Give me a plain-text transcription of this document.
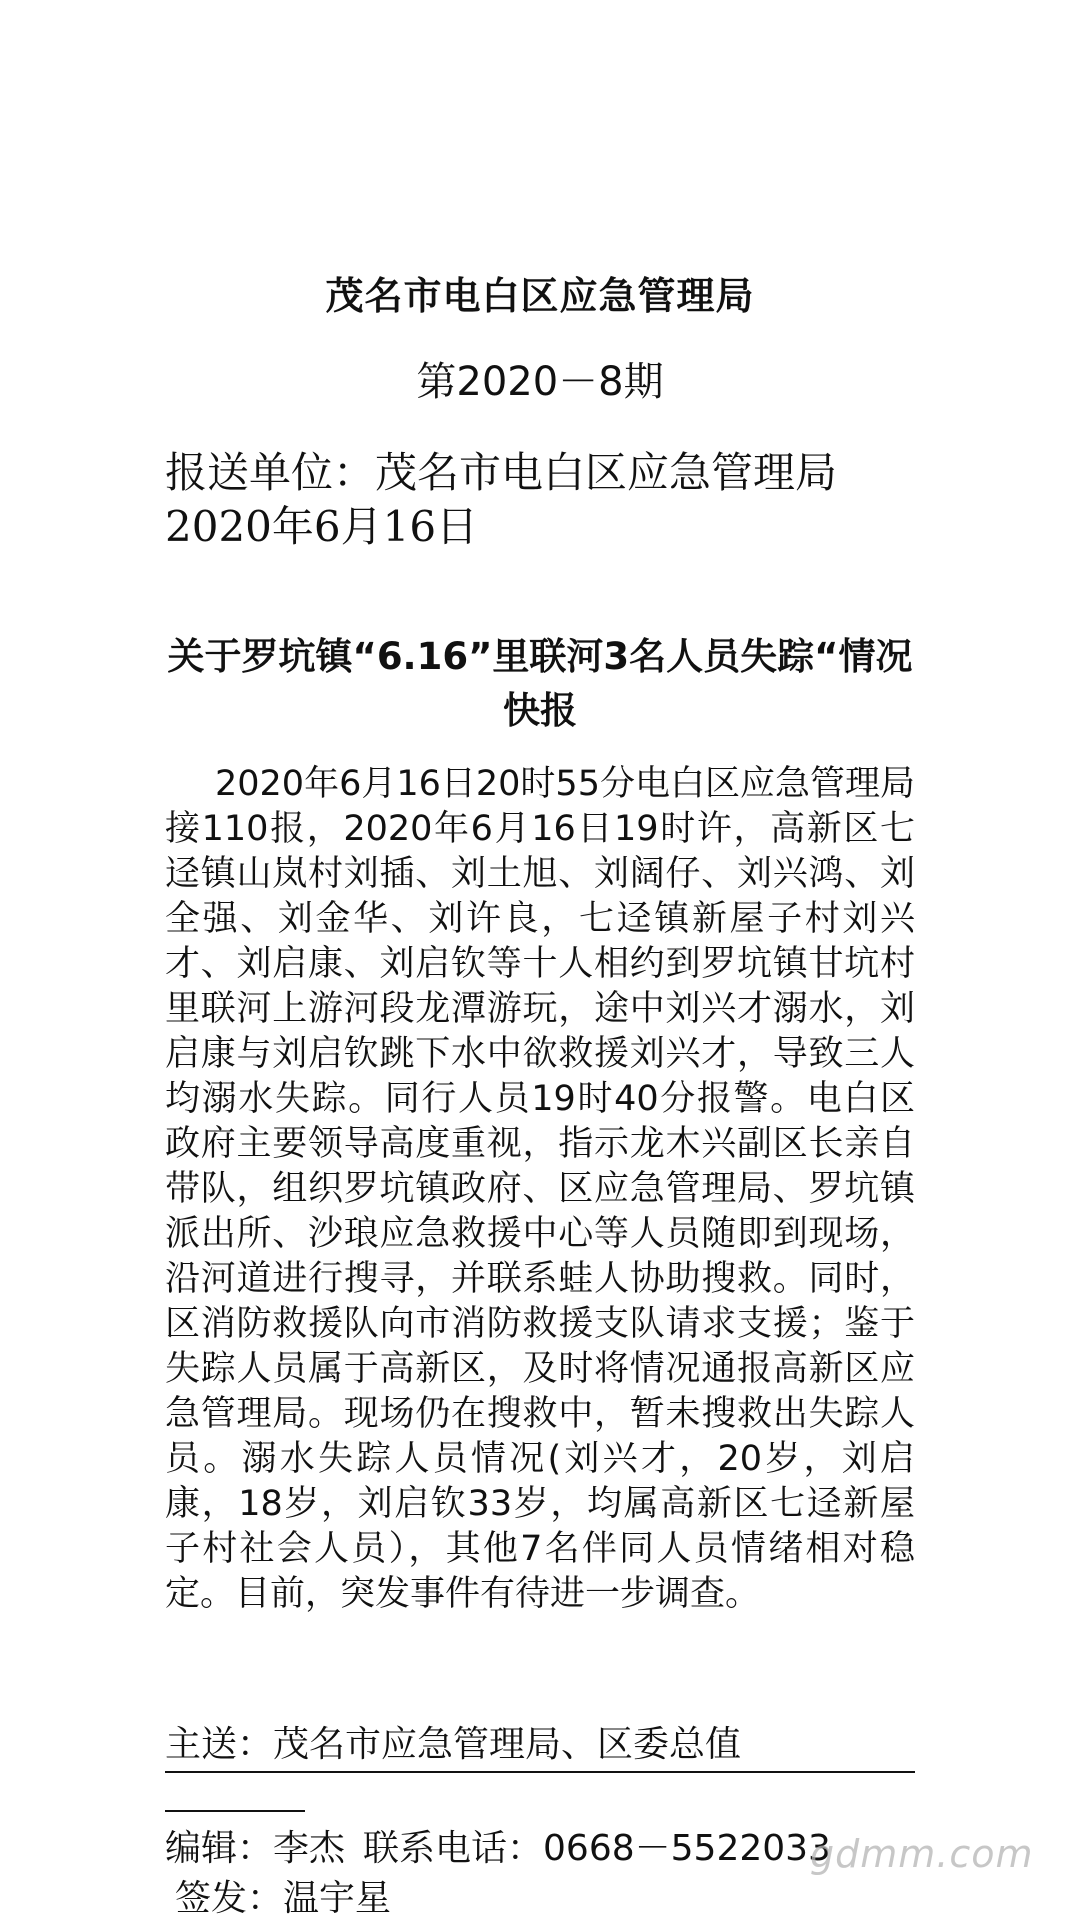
茂名市电白区应急管理局
第2020－8期
报送单位：茂名市电白区应急管理局
2020年6月16日
关于罗坑镇“6.16”里联河3名人员失踪“情况快报
2020年6月16日20时55分电白区应急管理局接110报，2020年6月16日19时许，高新区七迳镇山岚村刘插、刘土旭、刘阔仔、刘兴鸿、刘全强、刘金华、刘许良，七迳镇新屋子村刘兴才、刘启康、刘启钦等十人相约到罗坑镇甘坑村里联河上游河段龙潭游玩，途中刘兴才溺水，刘启康与刘启钦跳下水中欲救援刘兴才，导致三人均溺水失踪。同行人员19时40分报警。电白区政府主要领导高度重视，指示龙木兴副区长亲自带队，组织罗坑镇政府、区应急管理局、罗坑镇派出所、沙琅应急救援中心等人员随即到现场，沿河道进行搜寻，并联系蛙人协助搜救。同时，区消防救援队向市消防救援支队请求支援；鉴于失踪人员属于高新区，及时将情况通报高新区应急管理局。现场仍在搜救中，暂未搜救出失踪人员。溺水失踪人员情况(刘兴才，20岁，刘启康，18岁，刘启钦33岁，均属高新区七迳新屋子村社会人员），其他7名伴同人员情绪相对稳定。目前，突发事件有待进一步调查。
主送：茂名市应急管理局、区委总值
编辑：李杰 联系电话：0668－5522033
签发：温宇星
gdmm.com
